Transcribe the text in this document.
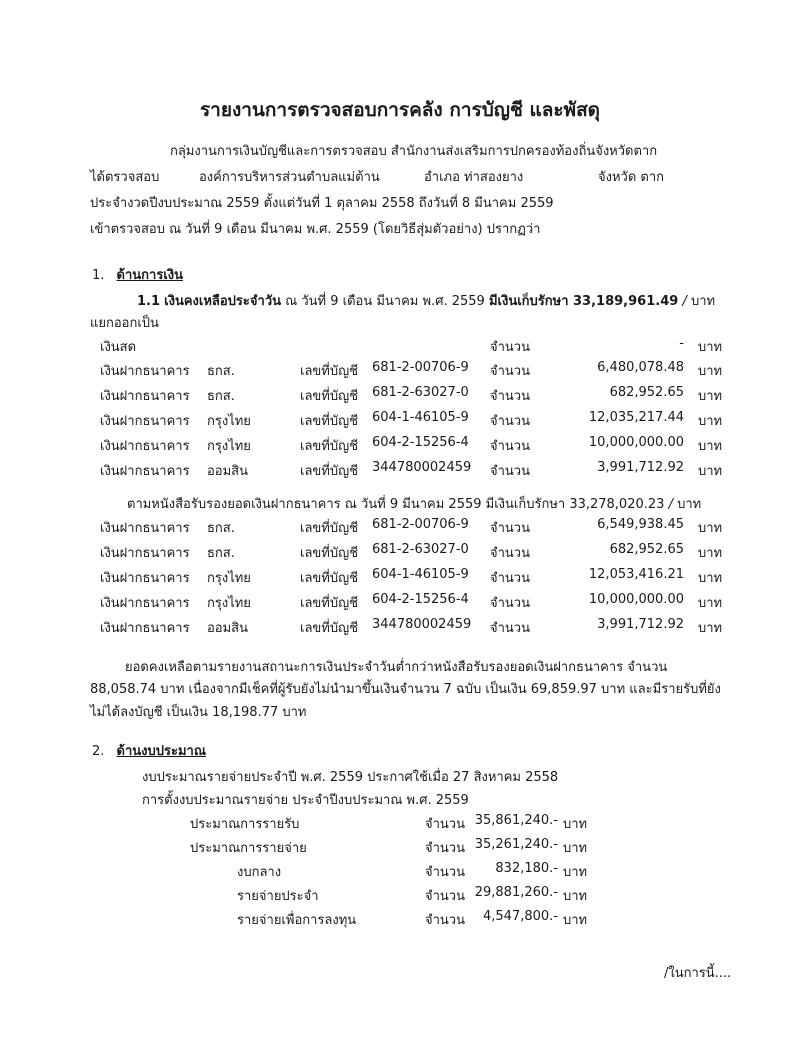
รายงานการตรวจสอบการคลัง การบัญชี และพัสดุ
กลุ่มงานการเงินบัญชีและการตรวจสอบ สำนักงานส่งเสริมการปกครองท้องถิ่นจังหวัดตาก
ได้ตรวจสอบ	องค์การบริหารส่วนตำบลแม่ต้าน	อำเภอ ท่าสองยาง	จังหวัด ตาก
ประจำงวดปีงบประมาณ 2559 ตั้งแต่วันที่ 1 ตุลาคม 2558 ถึงวันที่ 8 มีนาคม 2559
เข้าตรวจสอบ ณ วันที่ 9 เดือน มีนาคม พ.ศ. 2559 (โดยวิธีสุ่มตัวอย่าง) ปรากฏว่า
1. ด้านการเงิน
1.1 เงินคงเหลือประจำวัน ณ วันที่ 9 เดือน มีนาคม พ.ศ. 2559 มีเงินเก็บรักษา 33,189,961.49 / บาท
แยกออกเป็น
เงินสด	จำนวน	- บาท
เงินฝากธนาคาร ธกส.	เลขที่บัญชี 681-2-00706-9 จำนวน	6,480,078.48 บาท
เงินฝากธนาคาร ธกส.	เลขที่บัญชี 681-2-63027-0 จำนวน	682,952.65 บาท
เงินฝากธนาคาร กรุงไทย	เลขที่บัญชี 604-1-46105-9 จำนวน	12,035,217.44 บาท
เงินฝากธนาคาร กรุงไทย	เลขที่บัญชี 604-2-15256-4 จำนวน	10,000,000.00 บาท
เงินฝากธนาคาร ออมสิน	เลขที่บัญชี 344780002459 จำนวน	3,991,712.92 บาท
ตามหนังสือรับรองยอดเงินฝากธนาคาร ณ วันที่ 9 มีนาคม 2559 มีเงินเก็บรักษา 33,278,020.23 / บาท
เงินฝากธนาคาร ธกส.	เลขที่บัญชี 681-2-00706-9 จำนวน	6,549,938.45 บาท
เงินฝากธนาคาร ธกส.	เลขที่บัญชี 681-2-63027-0 จำนวน	682,952.65 บาท
เงินฝากธนาคาร กรุงไทย	เลขที่บัญชี 604-1-46105-9 จำนวน	12,053,416.21 บาท
เงินฝากธนาคาร กรุงไทย	เลขที่บัญชี 604-2-15256-4 จำนวน	10,000,000.00 บาท
เงินฝากธนาคาร ออมสิน	เลขที่บัญชี 344780002459 จำนวน	3,991,712.92 บาท
ยอดคงเหลือตามรายงานสถานะการเงินประจำวันต่ำกว่าหนังสือรับรองยอดเงินฝากธนาคาร จำนวน
88,058.74 บาท เนื่องจากมีเช็คที่ผู้รับยังไม่นำมาขึ้นเงินจำนวน 7 ฉบับ เป็นเงิน 69,859.97 บาท และมีรายรับที่ยัง
ไม่ได้ลงบัญชี เป็นเงิน 18,198.77 บาท
2. ด้านงบประมาณ
งบประมาณรายจ่ายประจำปี พ.ศ. 2559 ประกาศใช้เมื่อ 27 สิงหาคม 2558
การตั้งงบประมาณรายจ่าย ประจำปีงบประมาณ พ.ศ. 2559
ประมาณการรายรับ	จำนวน 35,861,240.- บาท
ประมาณการรายจ่าย	จำนวน 35,261,240.- บาท
งบกลาง	จำนวน	832,180.- บาท
รายจ่ายประจำ	จำนวน 29,881,260.- บาท
รายจ่ายเพื่อการลงทุน	จำนวน	4,547,800.- บาท
/ในการนี้....
